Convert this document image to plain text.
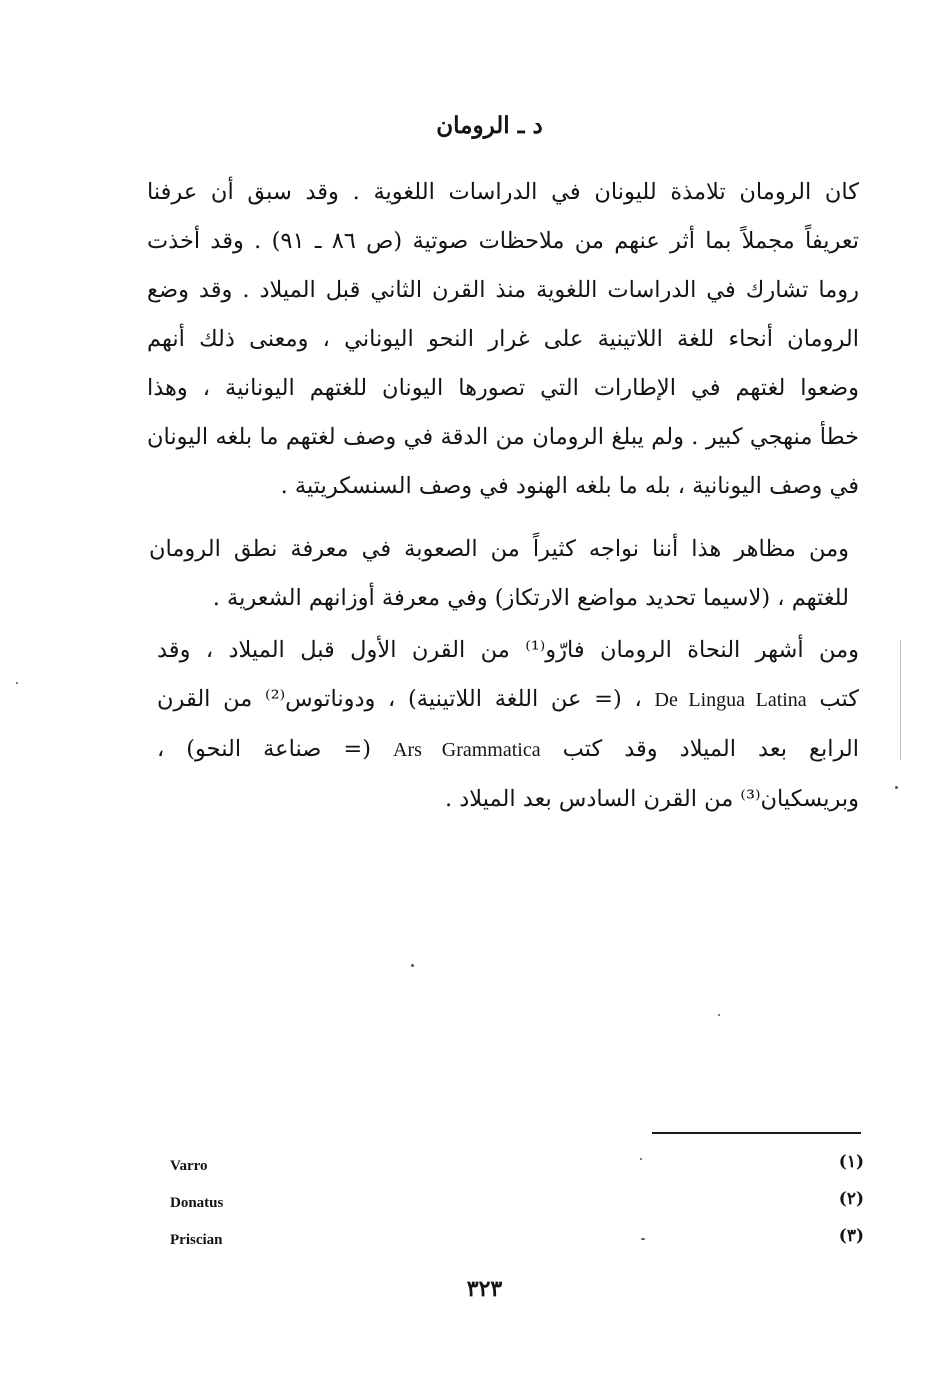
د ـ الرومان
كان الرومان تلامذة لليونان في الدراسات اللغوية . وقد سبق أن عرفنا
تعريفاً مجملاً بما أثر عنهم من ملاحظات صوتية (ص ٨٦ ـ ٩١) . وقد أخذت
روما تشارك في الدراسات اللغوية منذ القرن الثاني قبل الميلاد . وقد وضع
الرومان أنحاء للغة اللاتينية على غرار النحو اليوناني ، ومعنى ذلك أنهم
وضعوا لغتهم في الإطارات التي تصورها اليونان للغتهم اليونانية ، وهذا
خطأ منهجي كبير . ولم يبلغ الرومان من الدقة في وصف لغتهم ما بلغه اليونان
في وصف اليونانية ، بله ما بلغه الهنود في وصف السنسكريتية .
ومن مظاهر هذا أننا نواجه كثيراً من الصعوبة في معرفة نطق الرومان
للغتهم ، (لاسيما تحديد مواضع الارتكاز) وفي معرفة أوزانهم الشعرية .
ومن أشهر النحاة الرومان فارّو⁽¹⁾ من القرن الأول قبل الميلاد ، وقد
كتب De Lingua Latina ، (= عن اللغة اللاتينية) ، ودوناتوس⁽²⁾ من القرن
الرابع بعد الميلاد وقد كتب Ars Grammatica (= صناعة النحو) ،
وبريسكيان⁽³⁾ من القرن السادس بعد الميلاد .
Varro	(١)
Donatus	(٢)
Priscian	(٣)
٣٢٣
